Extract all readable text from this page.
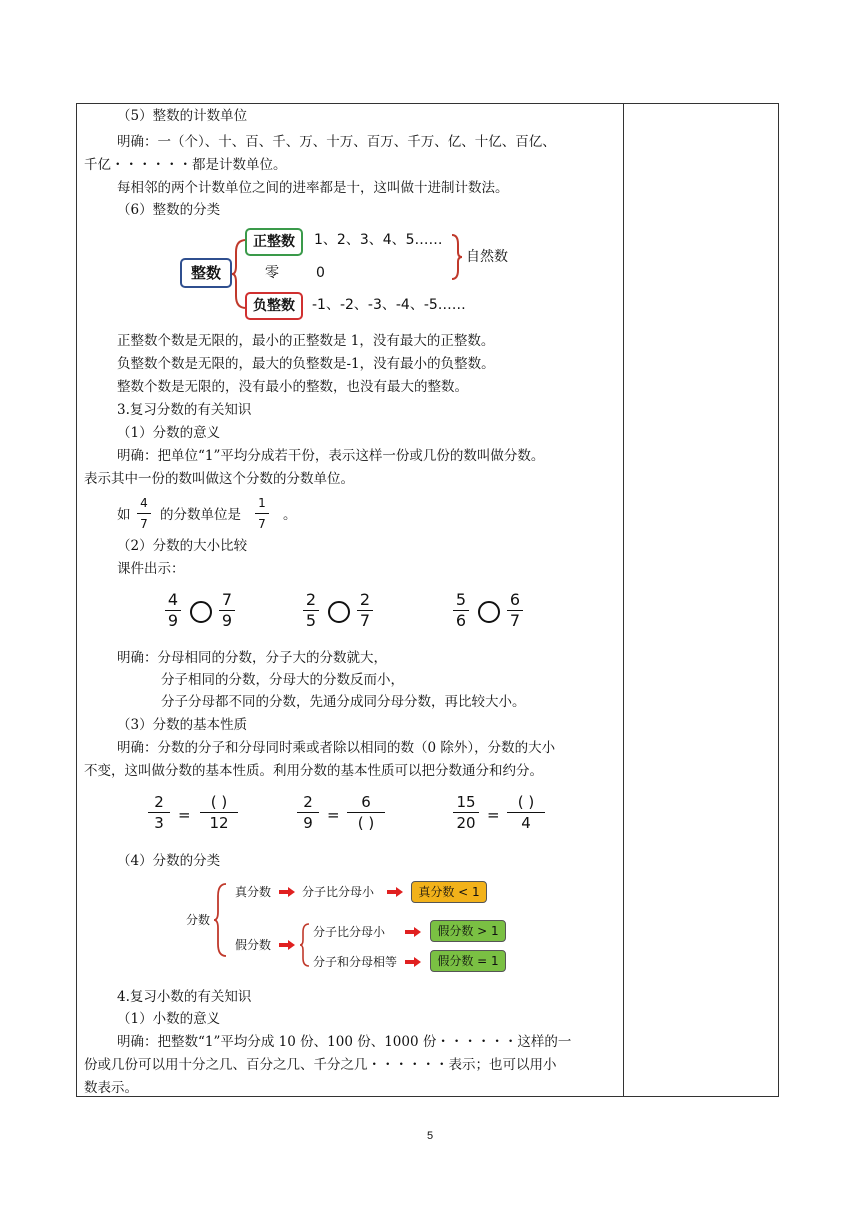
（5）整数的计数单位
明确：一（个）、十、百、千、万、十万、百万、千万、亿、十亿、百亿、
千亿・・・・・・都是计数单位。
每相邻的两个计数单位之间的进率都是十，这叫做十进制计数法。
（6）整数的分类
整数
正整数	1、2、3、4、5……
零	0
负整数	-1、-2、-3、-4、-5……
自然数
正整数个数是无限的，最小的正整数是 1，没有最大的正整数。
负整数个数是无限的，最大的负整数是-1，没有最小的负整数。
整数个数是无限的，没有最小的整数，也没有最大的整数。
3.复习分数的有关知识
（1）分数的意义
明确：把单位“1”平均分成若干份，表示这样一份或几份的数叫做分数。
表示其中一份的数叫做这个分数的分数单位。
如
4
7
的分数单位是
1
7
。
（2）分数的大小比较
课件出示：
4
9
7
9
2
5
2
7
5
6
6
7
明确：分母相同的分数，分子大的分数就大，
分子相同的分数，分母大的分数反而小，
分子分母都不同的分数，先通分成同分母分数，再比较大小。
（3）分数的基本性质
明确：分数的分子和分母同时乘或者除以相同的数（0 除外），分数的大小
不变，这叫做分数的基本性质。利用分数的基本性质可以把分数通分和约分。
2
3 =
( )
12
2
9 =
6
( )
15
20 =
( )
4
（4）分数的分类
分数
真分数	分子比分母小	真分数 < 1
假分数
分子比分母小	假分数 > 1
分子和分母相等	假分数 = 1
4.复习小数的有关知识
（1）小数的意义
明确：把整数“1”平均分成 10 份、100 份、1000 份・・・・・・这样的一
份或几份可以用十分之几、百分之几、千分之几・・・・・・表示；也可以用小
数表示。
5
